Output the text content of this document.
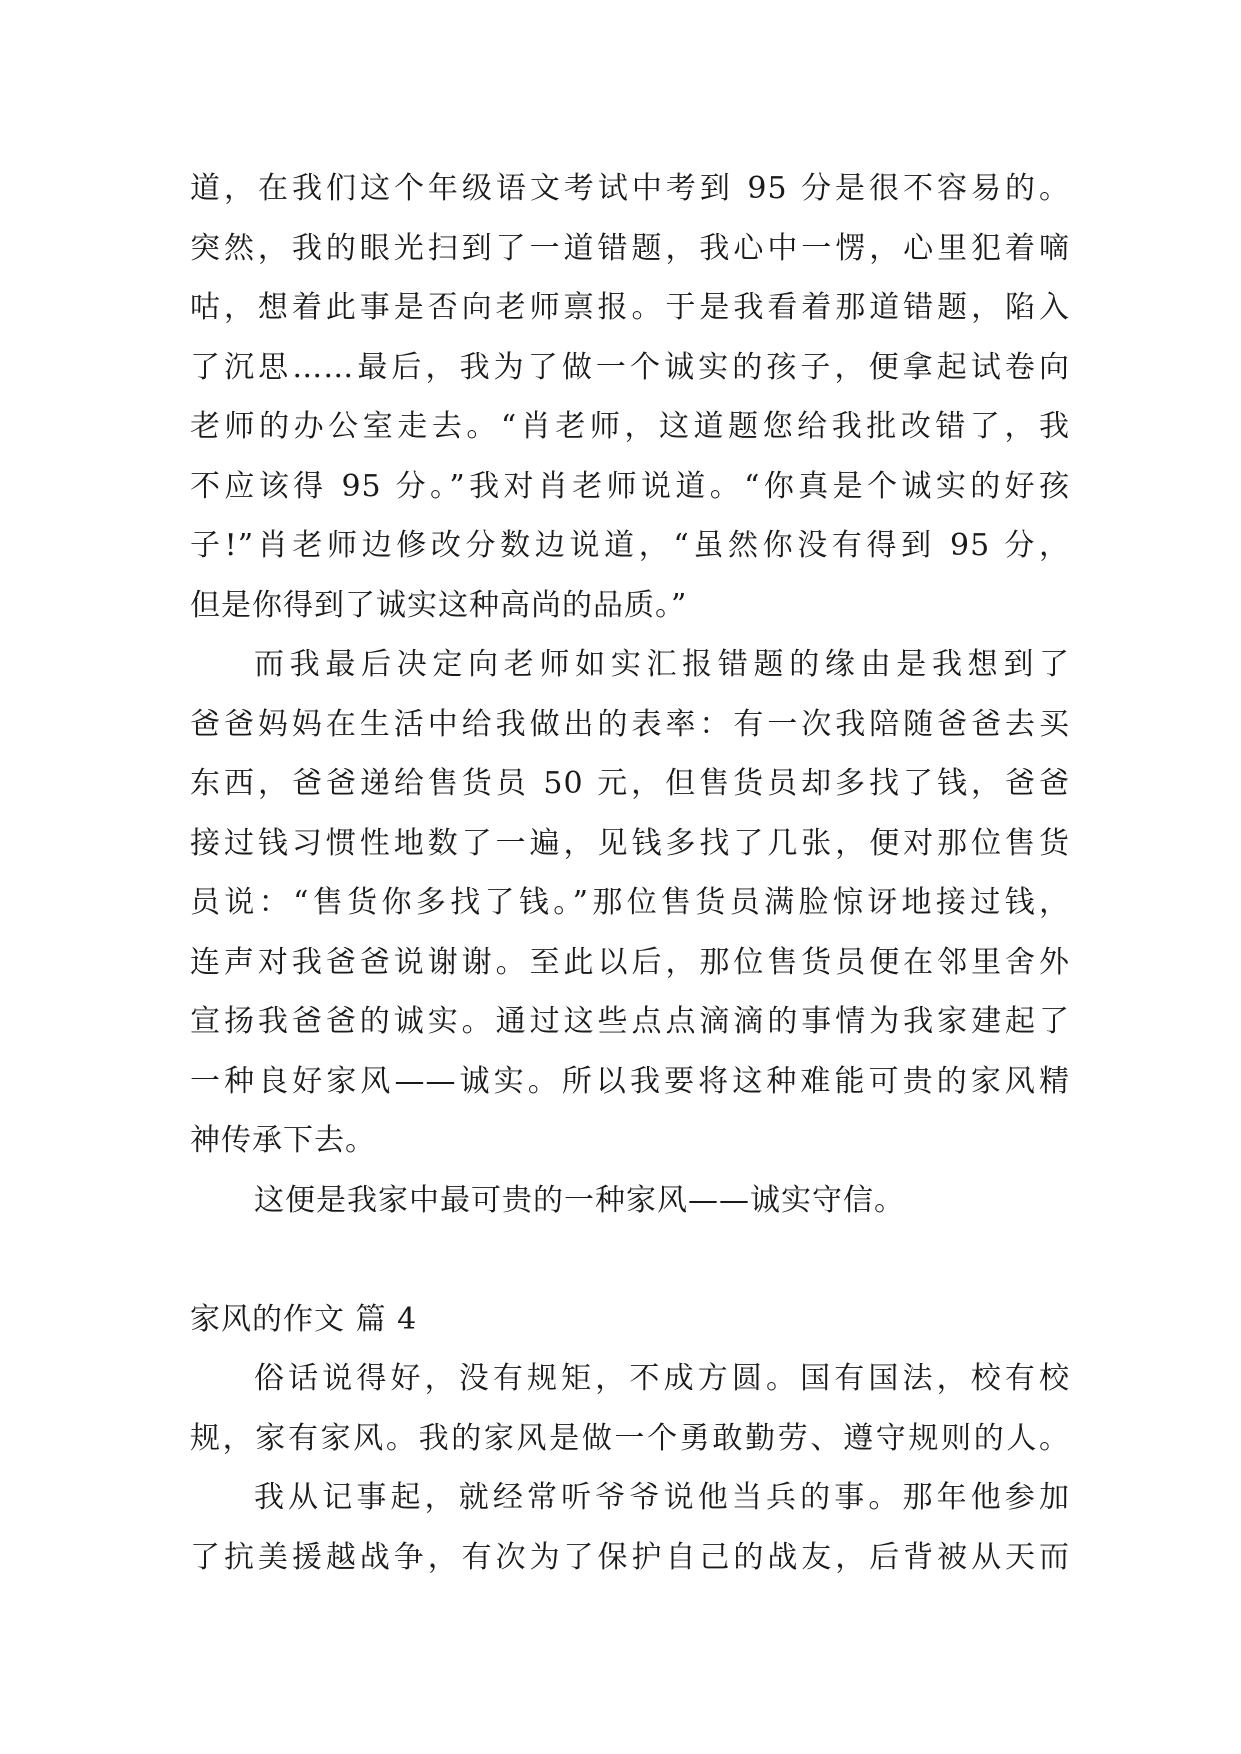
道，在我们这个年级语文考试中考到 95 分是很不容易的。
突然，我的眼光扫到了一道错题，我心中一愣，心里犯着嘀
咕，想着此事是否向老师禀报。于是我看着那道错题，陷入
了沉思……最后，我为了做一个诚实的孩子，便拿起试卷向
老师的办公室走去。“肖老师，这道题您给我批改错了，我
不应该得 95 分。”我对肖老师说道。“你真是个诚实的好孩
子!”肖老师边修改分数边说道，“虽然你没有得到 95 分，
但是你得到了诚实这种高尚的品质。”
而我最后决定向老师如实汇报错题的缘由是我想到了
爸爸妈妈在生活中给我做出的表率：有一次我陪随爸爸去买
东西，爸爸递给售货员 50 元，但售货员却多找了钱，爸爸
接过钱习惯性地数了一遍，见钱多找了几张，便对那位售货
员说：“售货你多找了钱。”那位售货员满脸惊讶地接过钱，
连声对我爸爸说谢谢。至此以后，那位售货员便在邻里舍外
宣扬我爸爸的诚实。通过这些点点滴滴的事情为我家建起了
一种良好家风——诚实。所以我要将这种难能可贵的家风精
神传承下去。
这便是我家中最可贵的一种家风——诚实守信。
家风的作文 篇 4
俗话说得好，没有规矩，不成方圆。国有国法，校有校
规，家有家风。我的家风是做一个勇敢勤劳、遵守规则的人。
我从记事起，就经常听爷爷说他当兵的事。那年他参加
了抗美援越战争，有次为了保护自己的战友，后背被从天而
